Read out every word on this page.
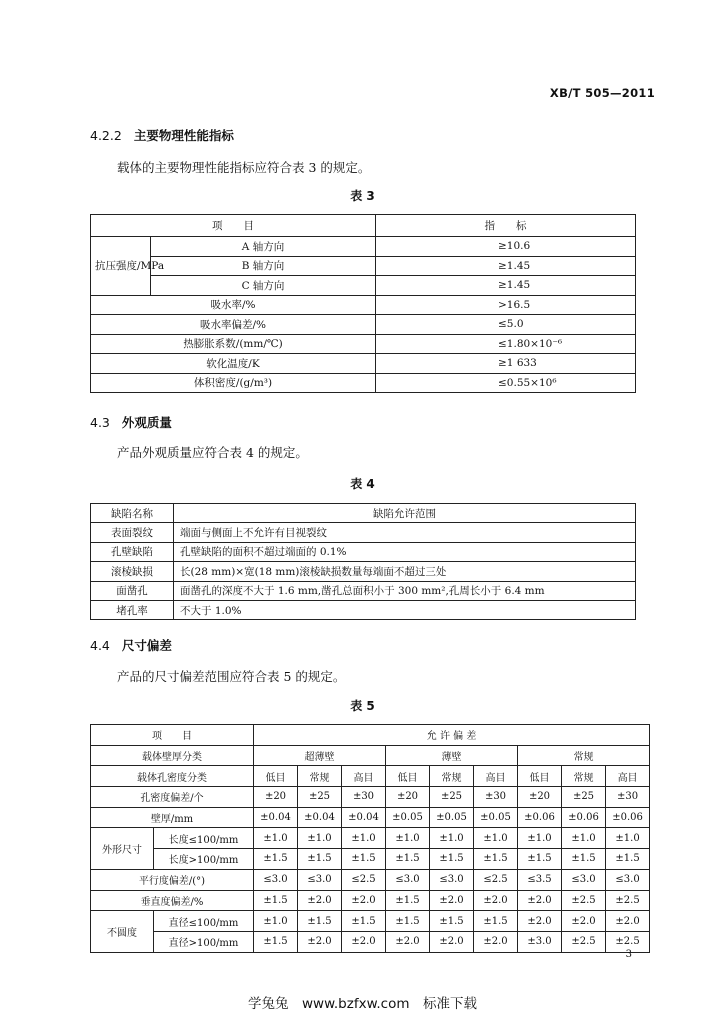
XB/T 505—2011
4.2.2 主要物理性能指标
载体的主要物理性能指标应符合表 3 的规定。
表 3
项　　目		指　　标
抗压强度/MPa	A 轴方向	≥10.6
	B 轴方向	≥1.45
	C 轴方向	≥1.45
吸水率/%		>16.5
吸水率偏差/%		≤5.0
热膨胀系数/(mm/℃)		≤1.80×10⁻⁶
软化温度/K		≥1 633
体积密度/(g/m³)		≤0.55×10⁶
4.3 外观质量
产品外观质量应符合表 4 的规定。
表 4
缺陷名称	缺陷允许范围
表面裂纹	端面与侧面上不允许有目视裂纹
孔壁缺陷	孔壁缺陷的面积不超过端面的 0.1%
滚棱缺损	长(28 mm)×宽(18 mm)滚棱缺损数量每端面不超过三处
面凿孔	面凿孔的深度不大于 1.6 mm,凿孔总面积小于 300 mm²,孔周长小于 6.4 mm
堵孔率	不大于 1.0%
4.4 尺寸偏差
产品的尺寸偏差范围应符合表 5 的规定。
表 5
项　　目		允 许 偏 差								
载体壁厚分类		超薄壁			薄壁			常规		
载体孔密度分类		低目	常规	高目	低目	常规	高目	低目	常规	高目
孔密度偏差/个		±20	±25	±30	±20	±25	±30	±20	±25	±30
壁厚/mm		±0.04	±0.04	±0.04	±0.05	±0.05	±0.05	±0.06	±0.06	±0.06
外形尺寸	长度≤100/mm	±1.0	±1.0	±1.0	±1.0	±1.0	±1.0	±1.0	±1.0	±1.0
	长度>100/mm	±1.5	±1.5	±1.5	±1.5	±1.5	±1.5	±1.5	±1.5	±1.5
平行度偏差/(°)		≤3.0	≤3.0	≤2.5	≤3.0	≤3.0	≤2.5	≤3.5	≤3.0	≤3.0
垂直度偏差/%		±1.5	±2.0	±2.0	±1.5	±2.0	±2.0	±2.0	±2.5	±2.5
不圆度	直径≤100/mm	±1.0	±1.5	±1.5	±1.5	±1.5	±1.5	±2.0	±2.0	±2.0
	直径>100/mm	±1.5	±2.0	±2.0	±2.0	±2.0	±2.0	±3.0	±2.5	±2.5
3
学兔兔　www.bzfxw.com　标准下载
